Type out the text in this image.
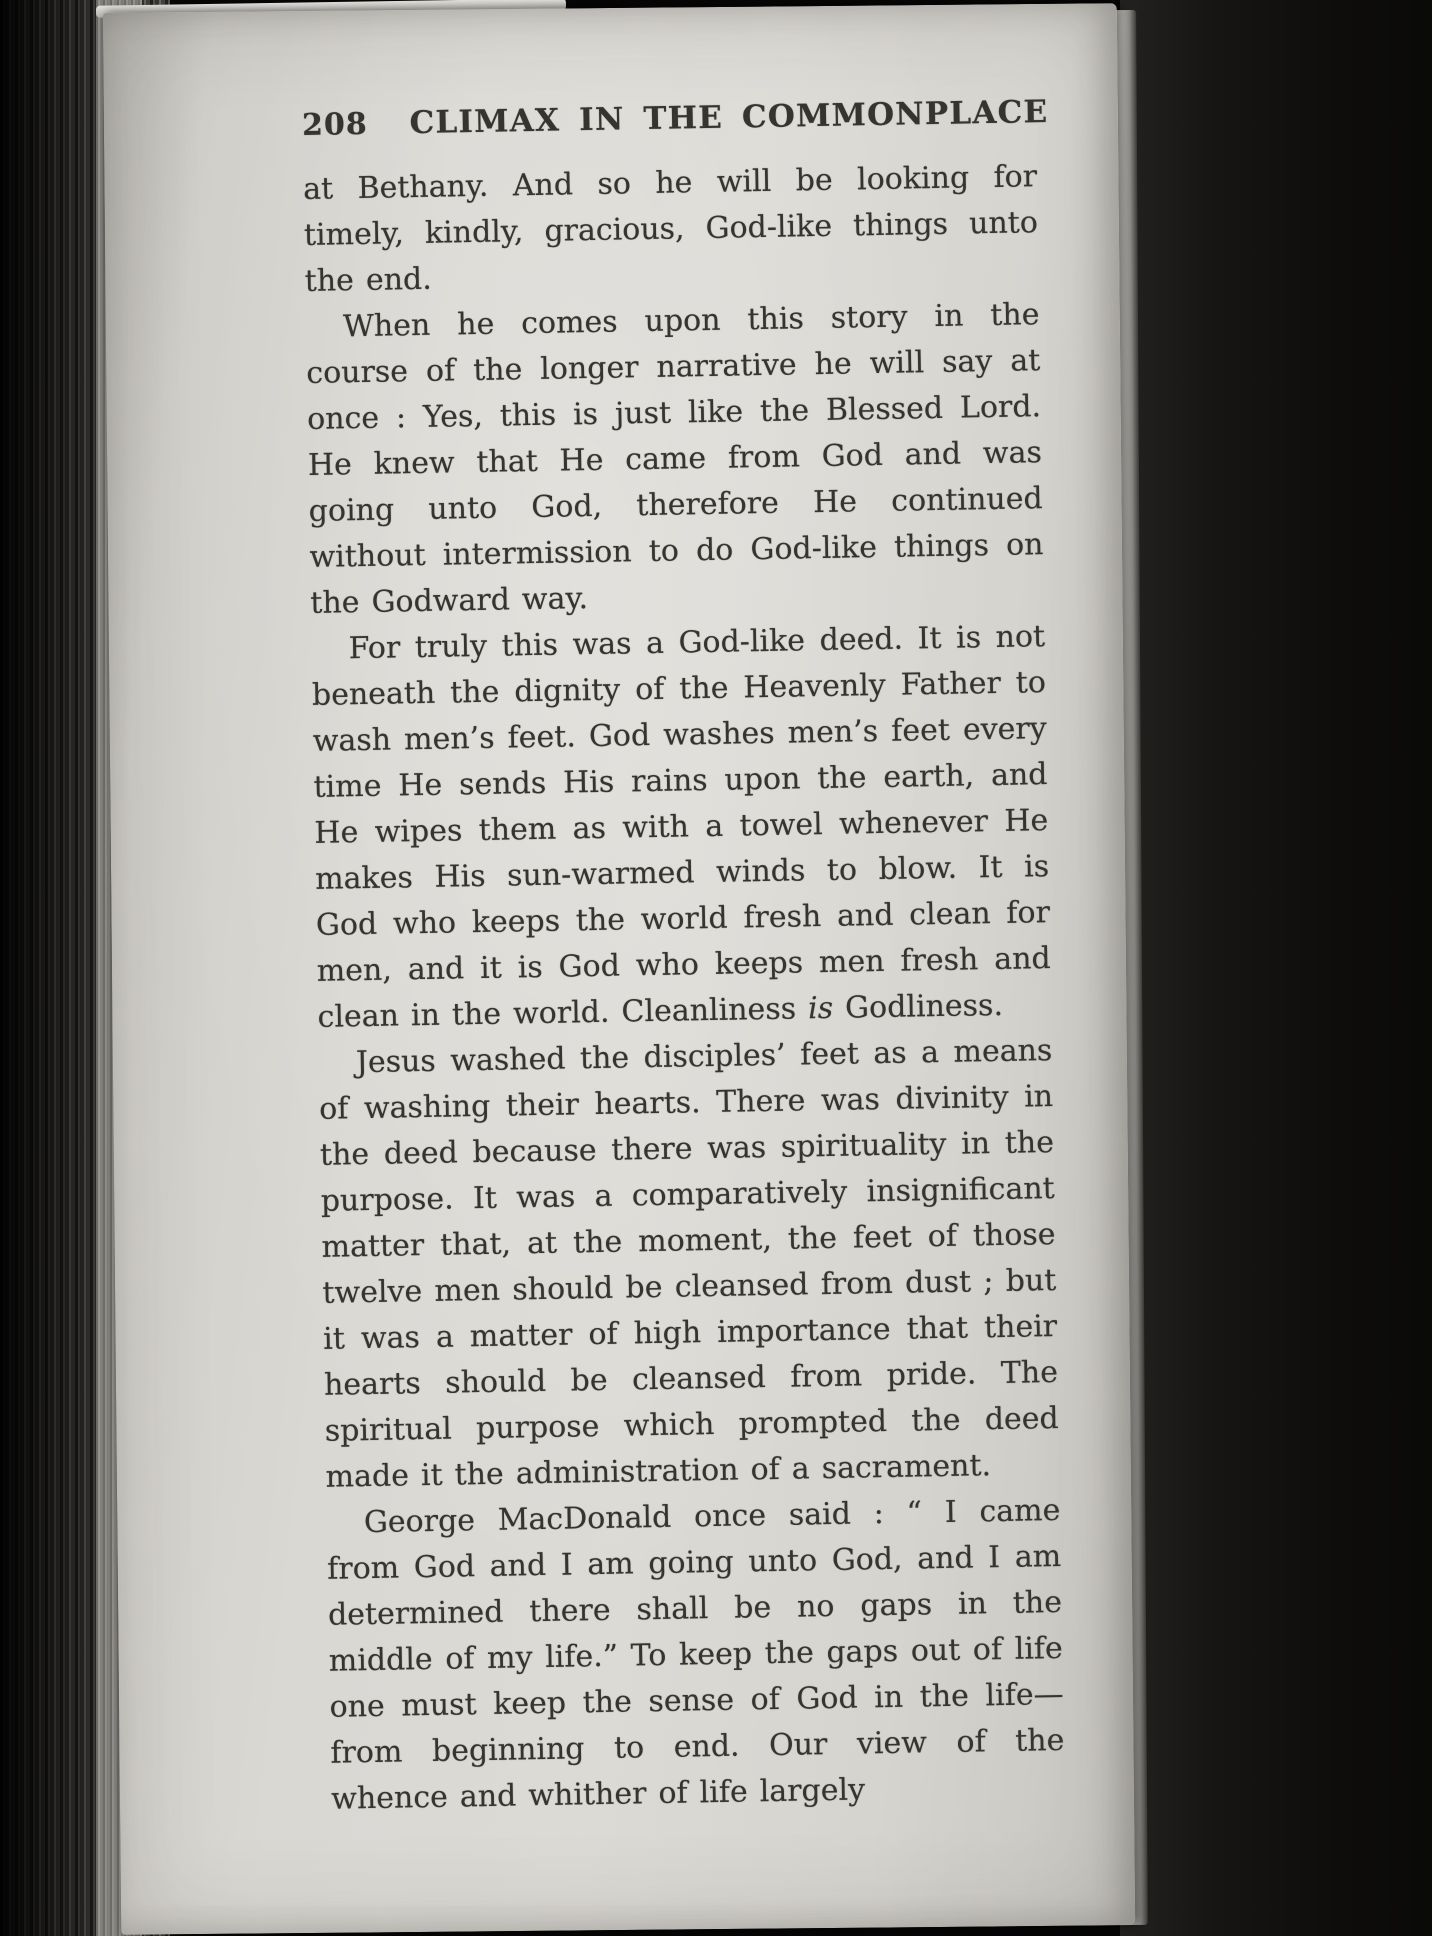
208 CLIMAX IN THE COMMONPLACE

at Bethany. And so he will be looking for timely, kindly, gracious, God-like things unto the end.

When he comes upon this story in the course of the longer narrative he will say at once : Yes, this is just like the Blessed Lord. He knew that He came from God and was going unto God, therefore He continued without intermission to do God-like things on the Godward way.

For truly this was a God-like deed. It is not beneath the dignity of the Heavenly Father to wash men’s feet. God washes men’s feet every time He sends His rains upon the earth, and He wipes them as with a towel whenever He makes His sun-warmed winds to blow. It is God who keeps the world fresh and clean for men, and it is God who keeps men fresh and clean in the world. Cleanliness is Godliness.

Jesus washed the disciples’ feet as a means of washing their hearts. There was divinity in the deed because there was spirituality in the purpose. It was a comparatively insignificant matter that, at the moment, the feet of those twelve men should be cleansed from dust ; but it was a matter of high importance that their hearts should be cleansed from pride. The spiritual purpose which prompted the deed made it the administration of a sacrament.

George MacDonald once said : “ I came from God and I am going unto God, and I am determined there shall be no gaps in the middle of my life.” To keep the gaps out of life one must keep the sense of God in the life—from beginning to end. Our view of the whence and whither of life largely
